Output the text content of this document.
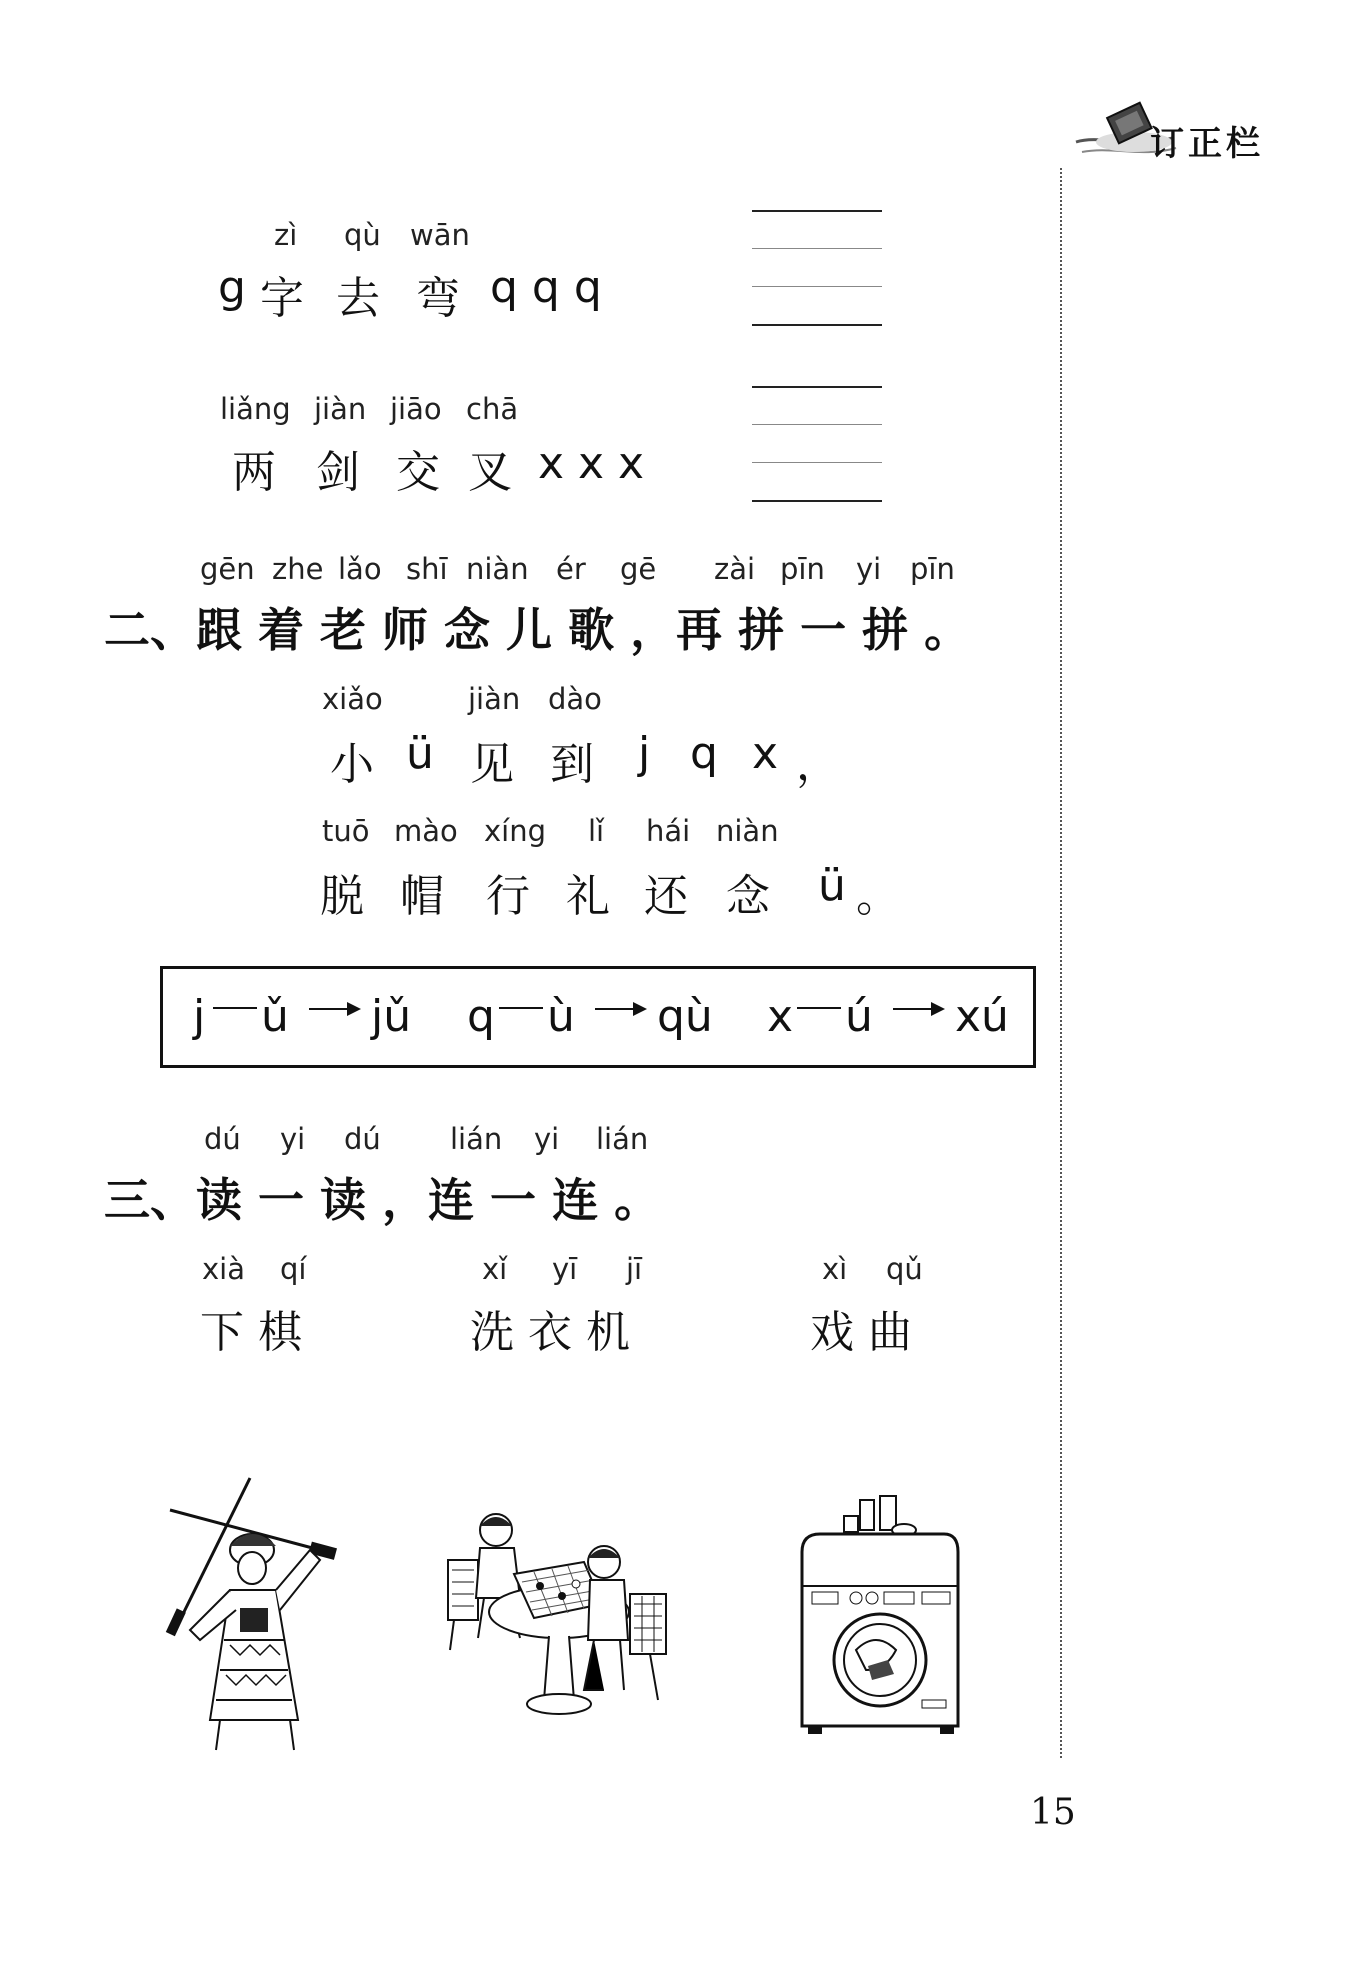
订正栏
zì qù wān
g 字 去 弯 q q q
liǎng jiàn jiāo chā
两 剑 交 叉 x x x
gēn zhe lǎo shī niàn ér gē zài pīn yi pīn
二、跟 着 老 师 念 儿 歌 ，再 拼 一 拼 。
xiǎo	jiàn dào
小 ü 见 到 j q x ，
tuō mào xíng lǐ hái niàn
脱 帽 行 礼 还 念 ü 。
j ǔ jǔ q ù qù x ú xú
dú yi dú lián yi lián
三、读 一 读 ，连 一 连 。
xià qí
下 棋
xǐ yī jī
洗 衣 机
xì qǔ
戏 曲
15
